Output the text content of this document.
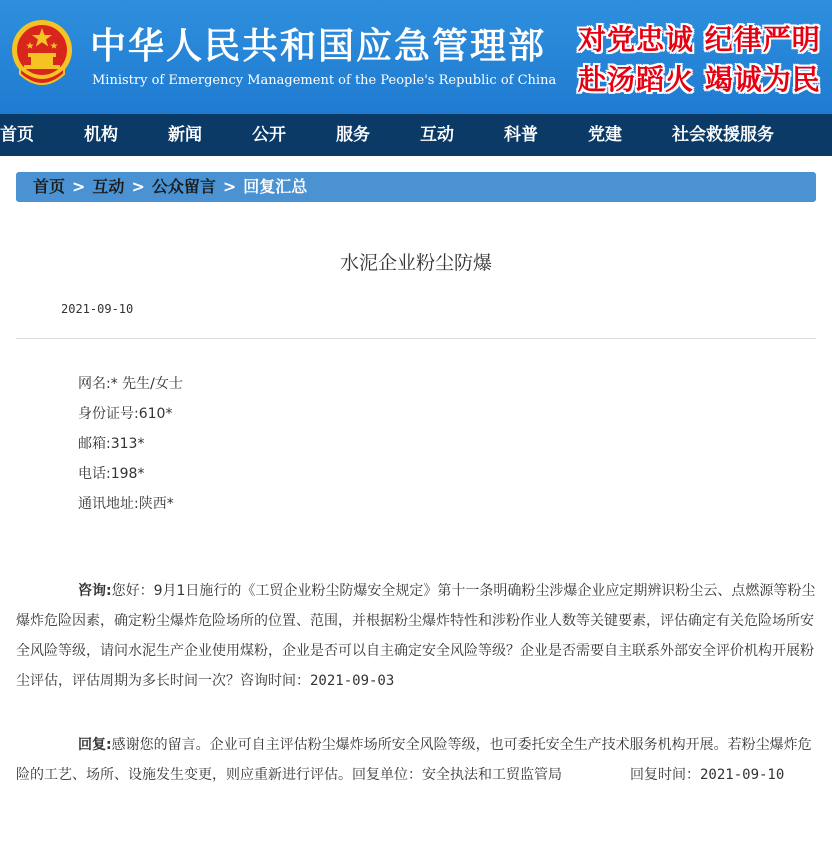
中华人民共和国应急管理部
Ministry of Emergency Management of the People's Republic of China
对党忠诚 纪律严明
赴汤蹈火 竭诚为民
首页	机构	新闻	公开	服务	互动	科普	党建	社会救援服务
首页 > 互动 > 公众留言 > 回复汇总
水泥企业粉尘防爆
2021-09-10
网名:* 先生/女士
身份证号:610*
邮箱:313*
电话:198*
通讯地址:陕西*
咨询:您好：9月1日施行的《工贸企业粉尘防爆安全规定》第十一条明确粉尘涉爆企业应定期辨识粉尘云、点燃源等粉尘爆炸危险因素，确定粉尘爆炸危险场所的位置、范围，并根据粉尘爆炸特性和涉粉作业人数等关键要素，评估确定有关危险场所安全风险等级，请问水泥生产企业使用煤粉，企业是否可以自主确定安全风险等级？企业是否需要自主联系外部安全评价机构开展粉尘评估，评估周期为多长时间一次？咨询时间：2021-09-03
回复:感谢您的留言。企业可自主评估粉尘爆炸场所安全风险等级，也可委托安全生产技术服务机构开展。若粉尘爆炸危险的工艺、场所、设施发生变更，则应重新进行评估。回复单位：安全执法和工贸监管局	回复时间：2021-09-10
